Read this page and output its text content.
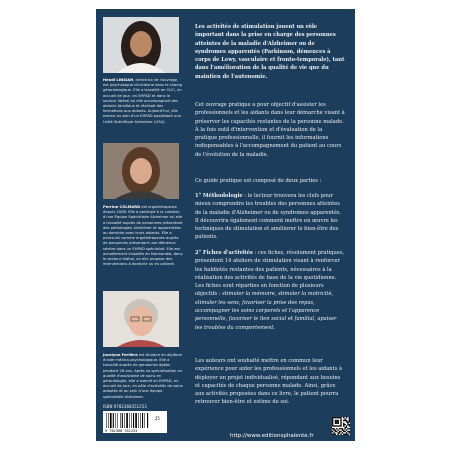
Hendi LINSIAH, directrice de l'ouvrage, est psychologue clinicienne dans le champ gérontologique. Elle a travaillé en CLIC, en accueil de jour, en EHPAD et dans le secteur libéral où elle accompagnait des aidants familiaux et réalisait des formations aux aidants. Aujourd'hui, elle exerce au sein d'un EHPAD possédant une Unité Spécifique Alzheimer (USA).
Perrine COLMARD est ergothérapeute depuis 2008. Elle a participé à la création d'une Équipe Spécialisée Alzheimer où elle a travaillé auprès de personnes présentant des pathologies Alzheimer et apparentées au domicile avec leurs aidants. Elle a poursuivi comme ergothérapeute auprès de personnes présentant une démence sévère dans un EHPAD spécialisé. Elle est actuellement installée en Normandie, dans le secteur libéral, où elle propose des interventions à domicile ou en cabinet.
Jocelyne Ferlière est titulaire du diplôme d'aide médico-psychologique. Elle a travaillé auprès de personnes âgées pendant 26 ans. Après sa spécialisation en qualité d'assistante de soins en gérontologie, elle a exercé en EHPAD, en accueil de jour, en pôle d'activités de soins adaptés et au sein d'une équipe spécialisée Alzheimer.
ISBN 9782368351253
9 782368 351253
25

Les activités de stimulation jouent un rôle important dans la prise en charge des personnes atteintes de la maladie d'Alzheimer ou de syndromes apparentés (Parkinson, démences à corps de Lewy, vasculaire et fronto-temporale), tant dans l'amélioration de la qualité de vie que du maintien de l'autonomie.

Cet ouvrage pratique a pour objectif d'assister les professionnels et les aidants dans leur démarche visant à préserver les capacités restantes de la personne malade. À la fois outil d'intervention et d'évaluation de la pratique professionnelle, il fournit les informations indispensables à l'accompagnement du patient au cours de l'évolution de la maladie.

Ce guide pratique est composé de deux parties :

1° Méthodologie : le lecteur trouvera les clefs pour mieux comprendre les troubles des personnes atteintes de la maladie d'Alzheimer ou de syndromes apparentés. Il découvrira également comment mettre en œuvre les techniques de stimulation et améliorer le bien-être des patients.

2° Fiches d'activités : ces fiches, résolument pratiques, présentent 14 ateliers de stimulation visant à renforcer les habiletés restantes des patients, nécessaires à la réalisation des activités de base de la vie quotidienne. Les fiches sont réparties en fonction de plusieurs objectifs : stimuler la mémoire, stimuler la motricité, stimuler les sens, favoriser la prise des repas, accompagner les soins corporels et l'apparence personnelle, favoriser le lien social et familial, apaiser les troubles du comportement.

Les auteurs ont souhaité mettre en commun leur expérience pour aider les professionnels et les aidants à déployer un projet individualisé, répondant aux besoins et capacités de chaque personne malade. Ainsi, grâce aux activités proposées dans ce livre, le patient pourra retrouver bien-être et estime de soi.

http://www.editionsphalente.fr
